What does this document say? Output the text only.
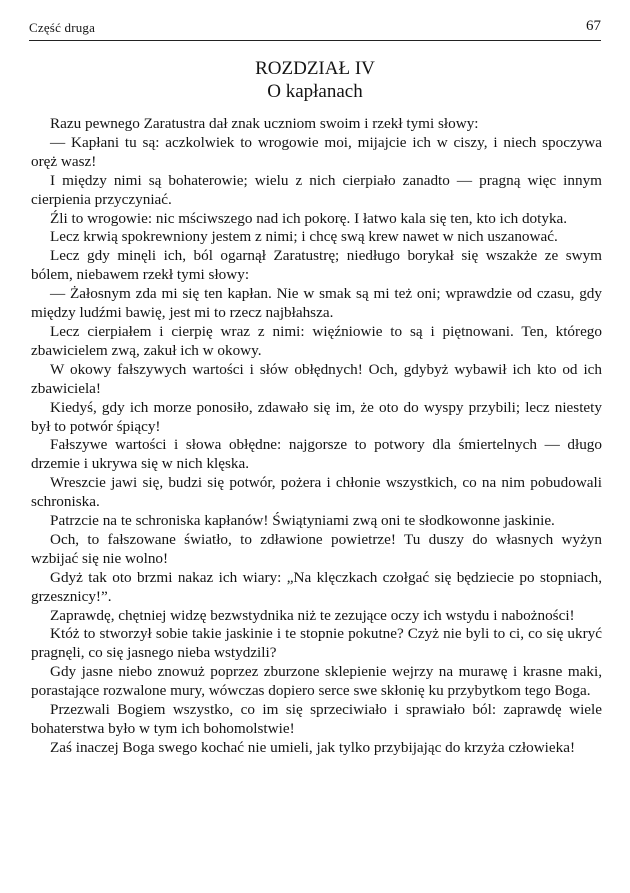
Część druga	67
ROZDZIAŁ IV
O kapłanach

Razu pewnego Zaratustra dał znak uczniom swoim i rzekł tymi słowy:

— Kapłani tu są: aczkolwiek to wrogowie moi, mijajcie ich w ciszy, i niech spoczywa oręż wasz!

I między nimi są bohaterowie; wielu z nich cierpiało zanadto — pragną więc innym cierpienia przyczyniać.

Źli to wrogowie: nic mściwszego nad ich pokorę. I łatwo kala się ten, kto ich dotyka.

Lecz krwią spokrewniony jestem z nimi; i chcę swą krew nawet w nich uszanować.

Lecz gdy minęli ich, ból ogarnął Zaratustrę; niedługo borykał się wszakże ze swym bólem, niebawem rzekł tymi słowy:

— Żałosnym zda mi się ten kapłan. Nie w smak są mi też oni; wprawdzie od czasu, gdy między ludźmi bawię, jest mi to rzecz najbłahsza.

Lecz cierpiałem i cierpię wraz z nimi: więźniowie to są i piętnowani. Ten, którego zbawicielem zwą, zakuł ich w okowy.

W okowy fałszywych wartości i słów obłędnych! Och, gdybyż wybawił ich kto od ich zbawiciela!

Kiedyś, gdy ich morze ponosiło, zdawało się im, że oto do wyspy przybili; lecz niestety był to potwór śpiący!

Fałszywe wartości i słowa obłędne: najgorsze to potwory dla śmiertelnych — długo drzemie i ukrywa się w nich klęska.

Wreszcie jawi się, budzi się potwór, pożera i chłonie wszystkich, co na nim pobudowali schroniska.

Patrzcie na te schroniska kapłanów! Świątyniami zwą oni te słodkowonne jaskinie.

Och, to fałszowane światło, to zdławione powietrze! Tu duszy do własnych wyżyn wzbijać się nie wolno!

Gdyż tak oto brzmi nakaz ich wiary: „Na klęczkach czołgać się będziecie po stopniach, grzesznicy!”.

Zaprawdę, chętniej widzę bezwstydnika niż te zezujące oczy ich wstydu i nabożności!

Któż to stworzył sobie takie jaskinie i te stopnie pokutne? Czyż nie byli to ci, co się ukryć pragnęli, co się jasnego nieba wstydzili?

Gdy jasne niebo znowuż poprzez zburzone sklepienie wejrzy na murawę i krasne maki, porastające rozwalone mury, wówczas dopiero serce swe skłonię ku przybytkom tego Boga.

Przezwali Bogiem wszystko, co im się sprzeciwiało i sprawiało ból: zaprawdę wiele bohaterstwa było w tym ich bohomolstwie!

Zaś inaczej Boga swego kochać nie umieli, jak tylko przybijając do krzyża człowieka!
